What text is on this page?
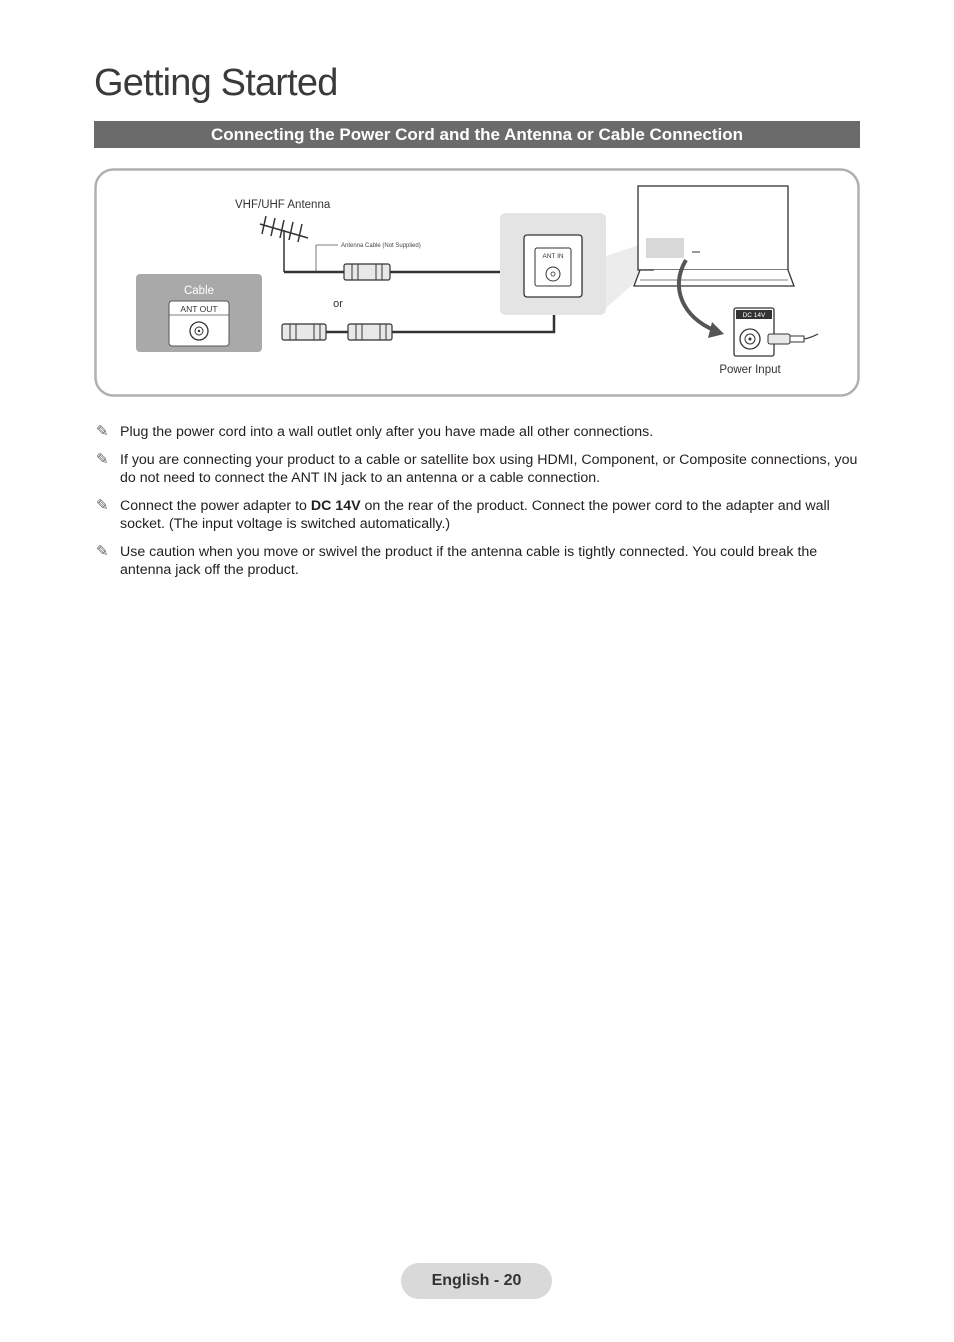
Getting Started
Connecting the Power Cord and the Antenna or Cable Connection
VHF/UHF Antenna
Antenna Cable (Not Supplied)
Cable
ANT OUT	or
ANT IN
DC 14V
Power Input
✎ Plug the power cord into a wall outlet only after you have made all other connections.
✎ If you are connecting your product to a cable or satellite box using HDMI, Component, or Composite connections, you do not need to connect the ANT IN jack to an antenna or a cable connection.
✎ Connect the power adapter to DC 14V on the rear of the product. Connect the power cord to the adapter and wall socket. (The input voltage is switched automatically.)
✎ Use caution when you move or swivel the product if the antenna cable is tightly connected. You could break the antenna jack off the product.
English - 20
